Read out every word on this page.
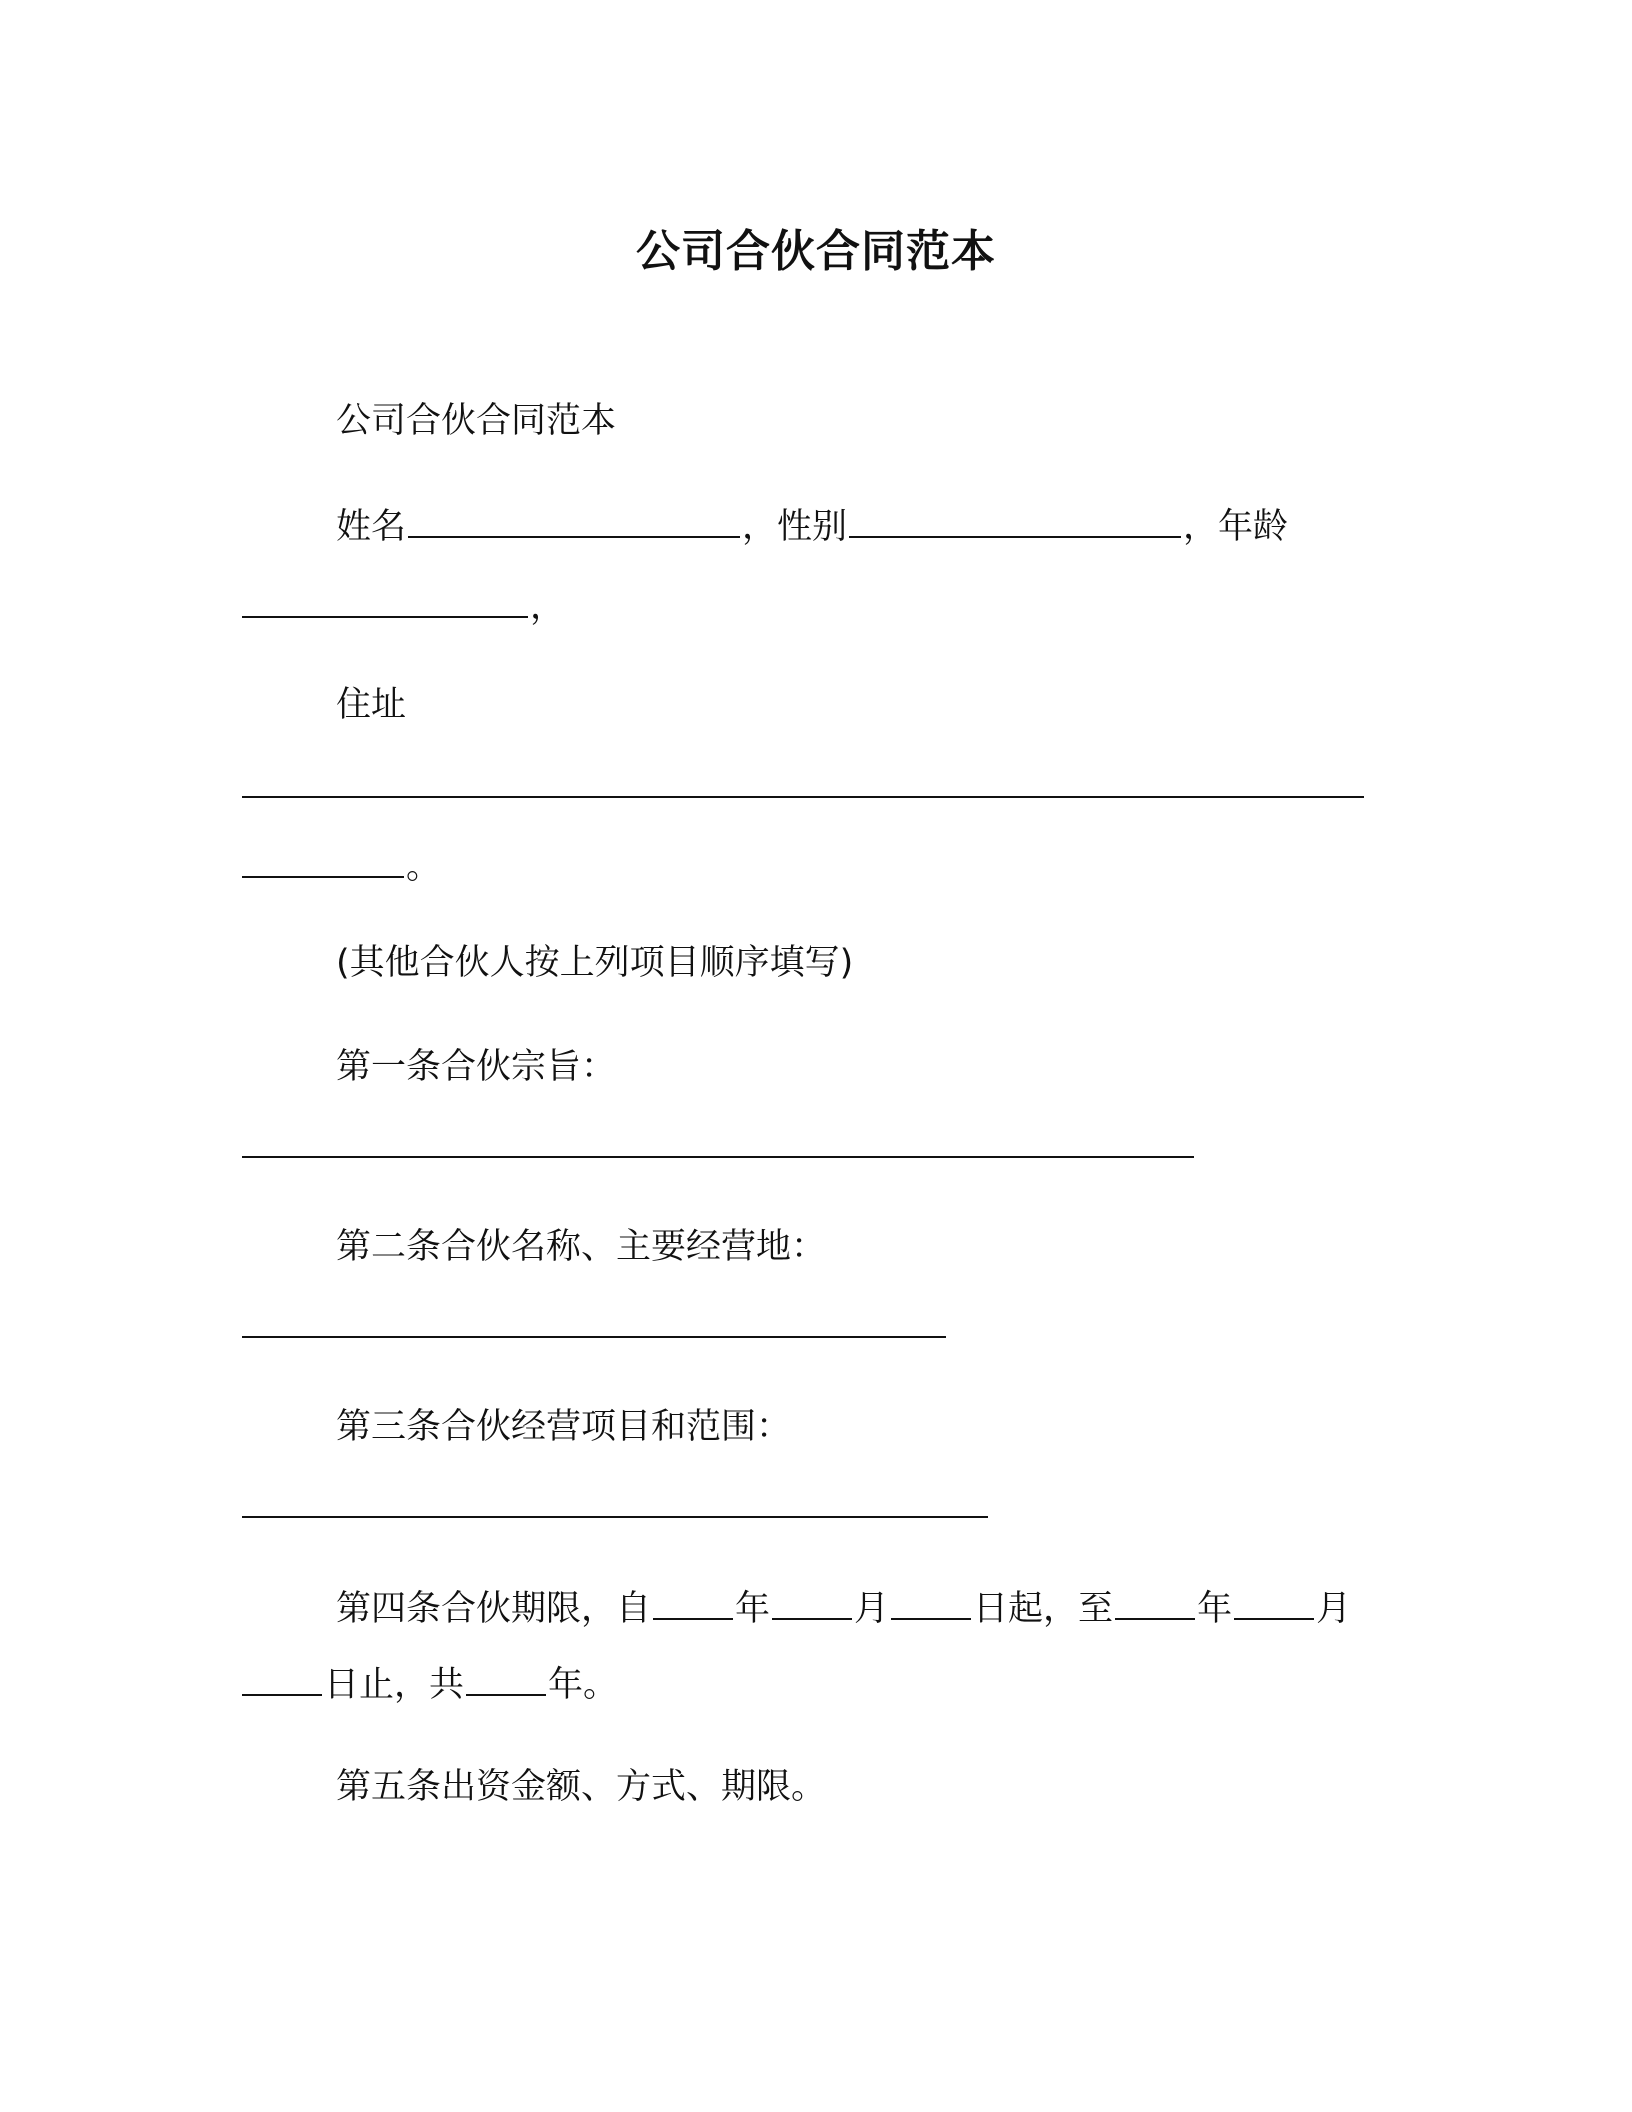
公司合伙合同范本
公司合伙合同范本
姓名	，性别	，年龄
，
住址
。
(其他合伙人按上列项目顺序填写)
第一条合伙宗旨：
第二条合伙名称、主要经营地：
第三条合伙经营项目和范围：
第四条合伙期限，自 年 月 日起，至 年 月
日止，共 年。
第五条出资金额、方式、期限。
